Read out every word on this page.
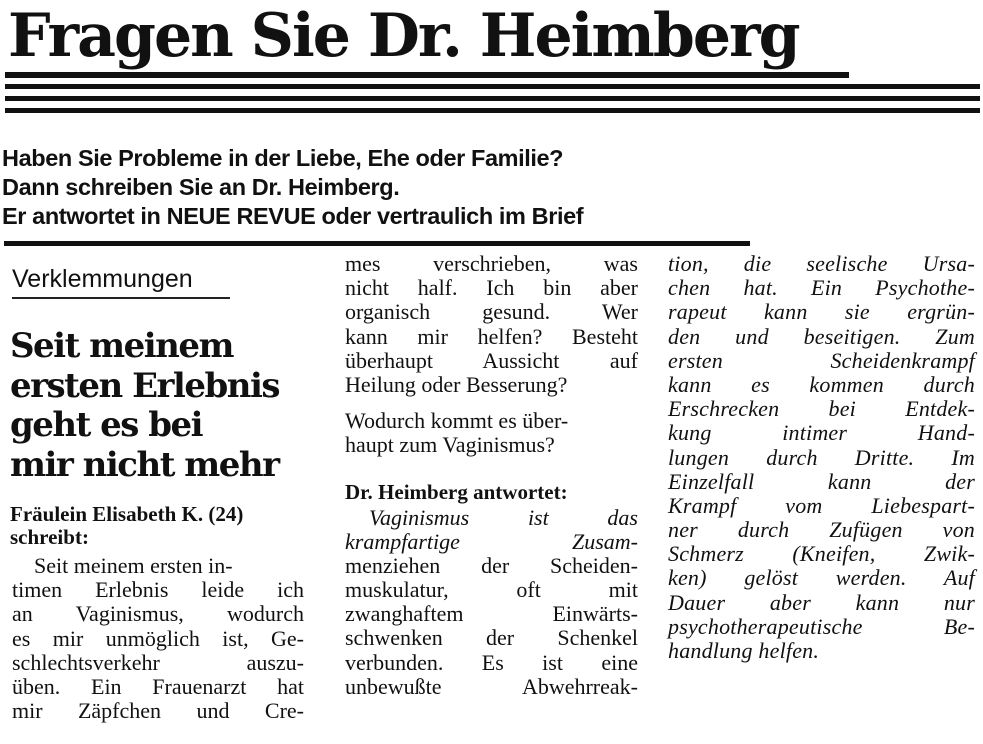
Fragen Sie Dr. Heimberg
Haben Sie Probleme in der Liebe, Ehe oder Familie?
Dann schreiben Sie an Dr. Heimberg.
Er antwortet in NEUE REVUE oder vertraulich im Brief
Verklemmungen
Seit meinem
ersten Erlebnis
geht es bei
mir nicht mehr
Fräulein Elisabeth K. (24)
schreibt:
Seit meinem ersten in-
timen Erlebnis leide ich
an Vaginismus, wodurch
es mir unmöglich ist, Ge-
schlechtsverkehr auszu-
üben. Ein Frauenarzt hat
mir Zäpfchen und Cre-
mes verschrieben, was
nicht half. Ich bin aber
organisch gesund. Wer
kann mir helfen? Besteht
überhaupt Aussicht auf
Heilung oder Besserung?
Wodurch kommt es über-
haupt zum Vaginismus?
Dr. Heimberg antwortet:
Vaginismus ist das
krampfartige Zusam-
menziehen der Scheiden-
muskulatur, oft mit
zwanghaftem Einwärts-
schwenken der Schenkel
verbunden. Es ist eine
unbewußte Abwehrreak-
tion, die seelische Ursa-
chen hat. Ein Psychothe-
rapeut kann sie ergrün-
den und beseitigen. Zum
ersten Scheidenkrampf
kann es kommen durch
Erschrecken bei Entdek-
kung intimer Hand-
lungen durch Dritte. Im
Einzelfall kann der
Krampf vom Liebespart-
ner durch Zufügen von
Schmerz (Kneifen, Zwik-
ken) gelöst werden. Auf
Dauer aber kann nur
psychotherapeutische Be-
handlung helfen.
